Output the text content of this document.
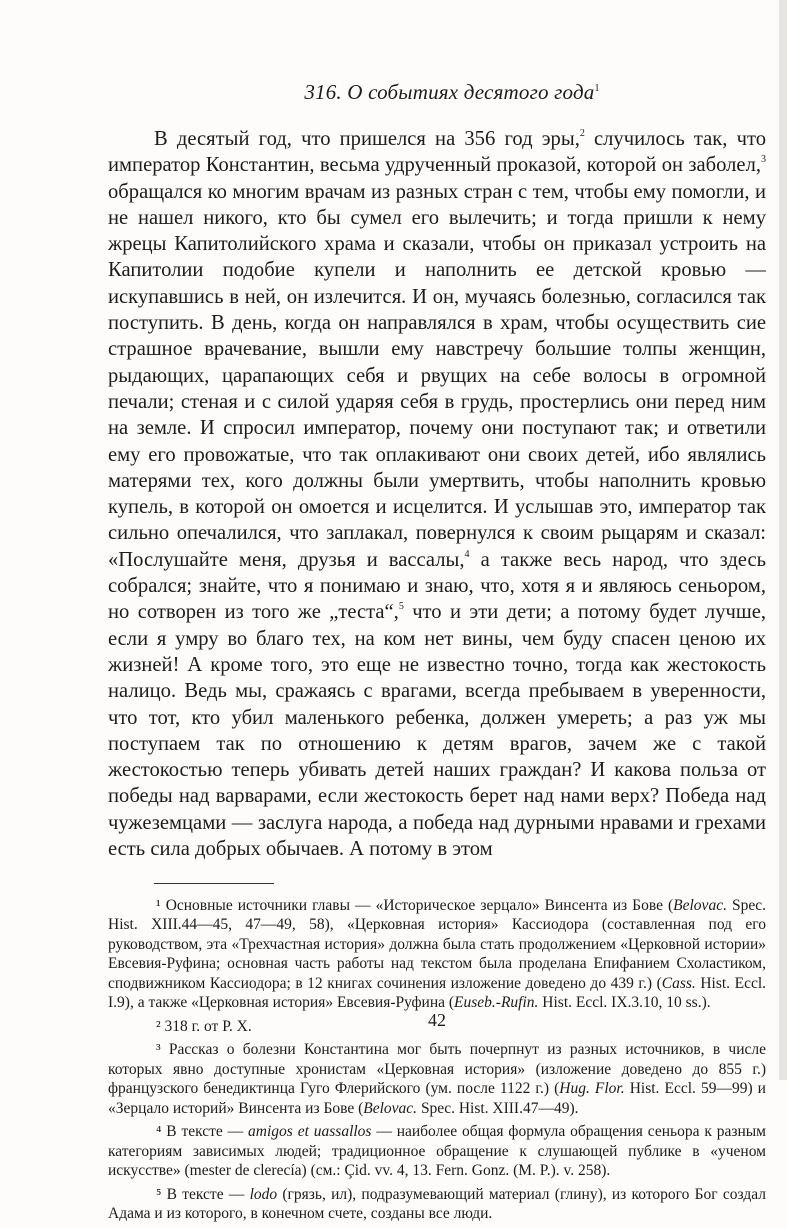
316. О событиях десятого года$^1$

В десятый год, что пришелся на 356 год эры,$^2$ случилось так, что император Константин, весьма удрученный проказой, которой он заболел,$^3$ обращался ко многим врачам из разных стран с тем, чтобы ему помогли, и не нашел никого, кто бы сумел его вылечить; и тогда пришли к нему жрецы Капитолийского храма и сказали, чтобы он приказал устроить на Капитолии подобие купели и наполнить ее детской кровью — искупавшись в ней, он излечится. И он, мучаясь болезнью, согласился так поступить. В день, когда он направлялся в храм, чтобы осуществить сие страшное врачевание, вышли ему навстречу большие толпы женщин, рыдающих, царапающих себя и рвущих на себе волосы в огромной печали; стеная и с силой ударяя себя в грудь, простерлись они перед ним на земле. И спросил император, почему они поступают так; и ответили ему его провожатые, что так оплакивают они своих детей, ибо являлись матерями тех, кого должны были умертвить, чтобы наполнить кровью купель, в которой он омоется и исцелится. И услышав это, император так сильно опечалился, что заплакал, повернулся к своим рыцарям и сказал: «Послушайте меня, друзья и вассалы,$^4$ а также весь народ, что здесь собрался; знайте, что я понимаю и знаю, что, хотя я и являюсь сеньором, но сотворен из того же „теста“,$^5$ что и эти дети; а потому будет лучше, если я умру во благо тех, на ком нет вины, чем буду спасен ценою их жизней! А кроме того, это еще не известно точно, тогда как жестокость налицо. Ведь мы, сражаясь с врагами, всегда пребываем в уверенности, что тот, кто убил маленького ребенка, должен умереть; а раз уж мы поступаем так по отношению к детям врагов, зачем же с такой жестокостью теперь убивать детей наших граждан? И какова польза от победы над варварами, если жестокость берет над нами верх? Победа над чужеземцами — заслуга народа, а победа над дурными нравами и грехами есть сила добрых обычаев. А потому в этом

¹ Основные источники главы — «Историческое зерцало» Винсента из Бове (Belovac. Spec. Hist. XIII.44—45, 47—49, 58), «Церковная история» Кассиодора (составленная под его руководством, эта «Трехчастная история» должна была стать продолжением «Церковной истории» Евсевия-Руфина; основная часть работы над текстом была проделана Епифанием Схоластиком, сподвижником Кассиодора; в 12 книгах сочинения изложение доведено до 439 г.) (Cass. Hist. Eccl. I.9), а также «Церковная история» Евсевия-Руфина (Euseb.-Rufin. Hist. Eccl. IX.3.10, 10 ss.).

² 318 г. от Р. Х.

³ Рассказ о болезни Константина мог быть почерпнут из разных источников, в числе которых явно доступные хронистам «Церковная история» (изложение доведено до 855 г.) французского бенедиктинца Гуго Флерийского (ум. после 1122 г.) (Hug. Flor. Hist. Eccl. 59—99) и «Зерцало историй» Винсента из Бове (Belovac. Spec. Hist. XIII.47—49).

⁴ В тексте — amigos et uassallos — наиболее общая формула обращения сеньора к разным категориям зависимых людей; традиционное обращение к слушающей публике в «ученом искусстве» (mester de clerecía) (см.: Çid. vv. 4, 13. Fern. Gonz. (M. P.). v. 258).

⁵ В тексте — lodo (грязь, ил), подразумевающий материал (глину), из которого Бог создал Адама и из которого, в конечном счете, созданы все люди.

42
